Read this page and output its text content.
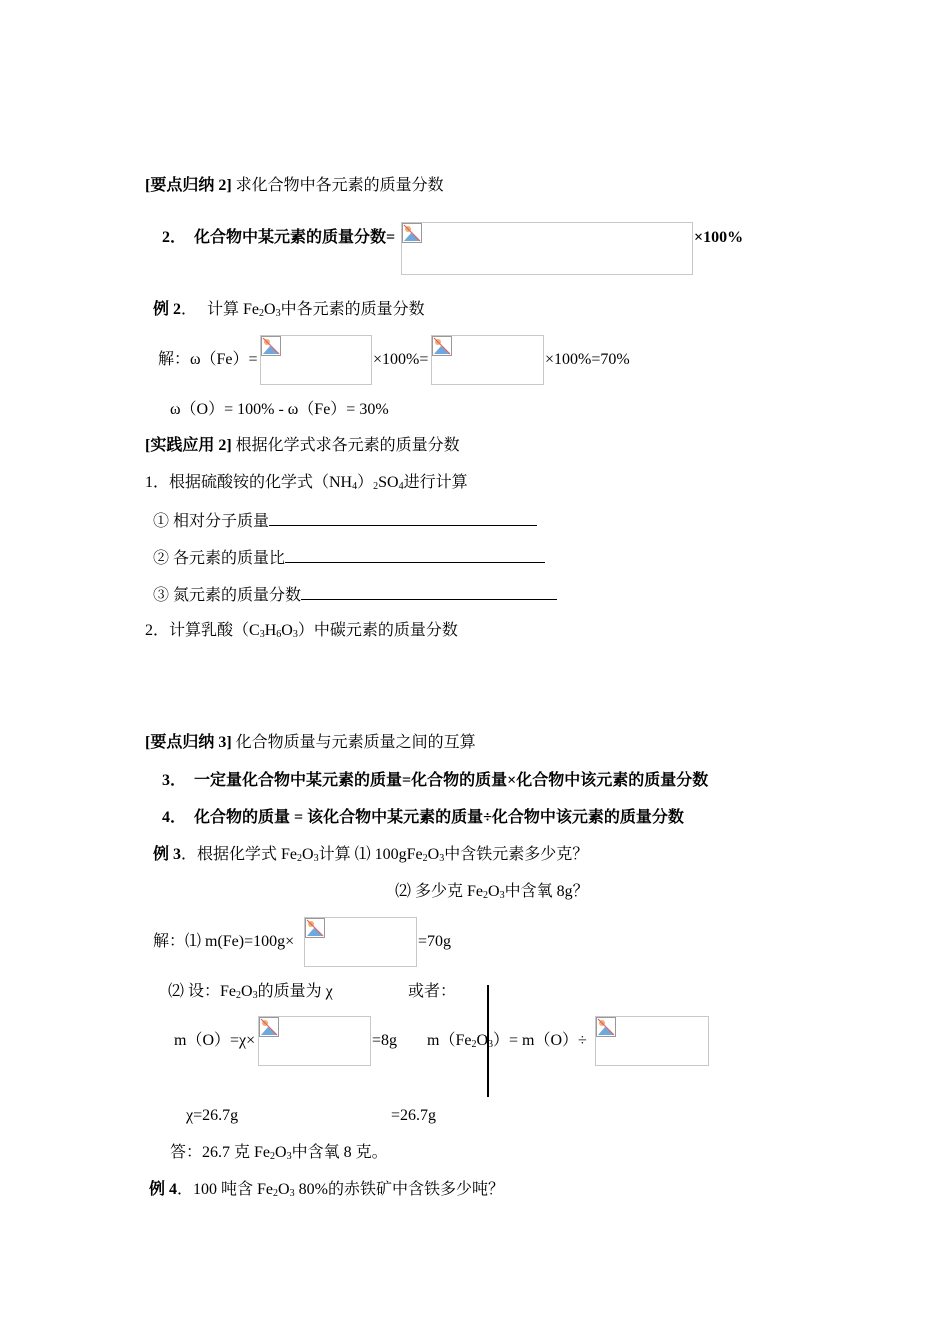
[要点归纳 2] 求化合物中各元素的质量分数
2． 化合物中某元素的质量分数=	×100%
例 2． 计算 $Fe_2O_3$中各元素的质量分数
解：ω（Fe）=	×100%=	×100%=70%
ω（O）= 100% - ω（Fe）= 30%
[实践应用 2] 根据化学式求各元素的质量分数
1．根据硫酸铵的化学式$(NH_4)_2SO_4$进行计算
① 相对分子质量
② 各元素的质量比
③ 氮元素的质量分数
2．计算乳酸$(C_3H_6O_3)$中碳元素的质量分数
[要点归纳 3] 化合物质量与元素质量之间的互算
3． 一定量化合物中某元素的质量=化合物的质量×化合物中该元素的质量分数
4． 化合物的质量 = 该化合物中某元素的质量÷化合物中该元素的质量分数
例 3．根据化学式 $Fe_2O_3$计算 ⑴ $100gFe_2O_3$中含铁元素多少克？
⑵ 多少克 $Fe_2O_3$中含氧 8g？
解：⑴ m(Fe)=100g×	=70g
⑵ 设：$Fe_2O_3$的质量为 χ	或者：
m（O）=χ×	=8g $m(Fe_2O_3)= m(O)\div$
χ=26.7g	=26.7g
答：26.7 克 $Fe_2O_3$中含氧 8 克。
例 4．100 吨含 $Fe_2O_3$ 80%的赤铁矿中含铁多少吨？
